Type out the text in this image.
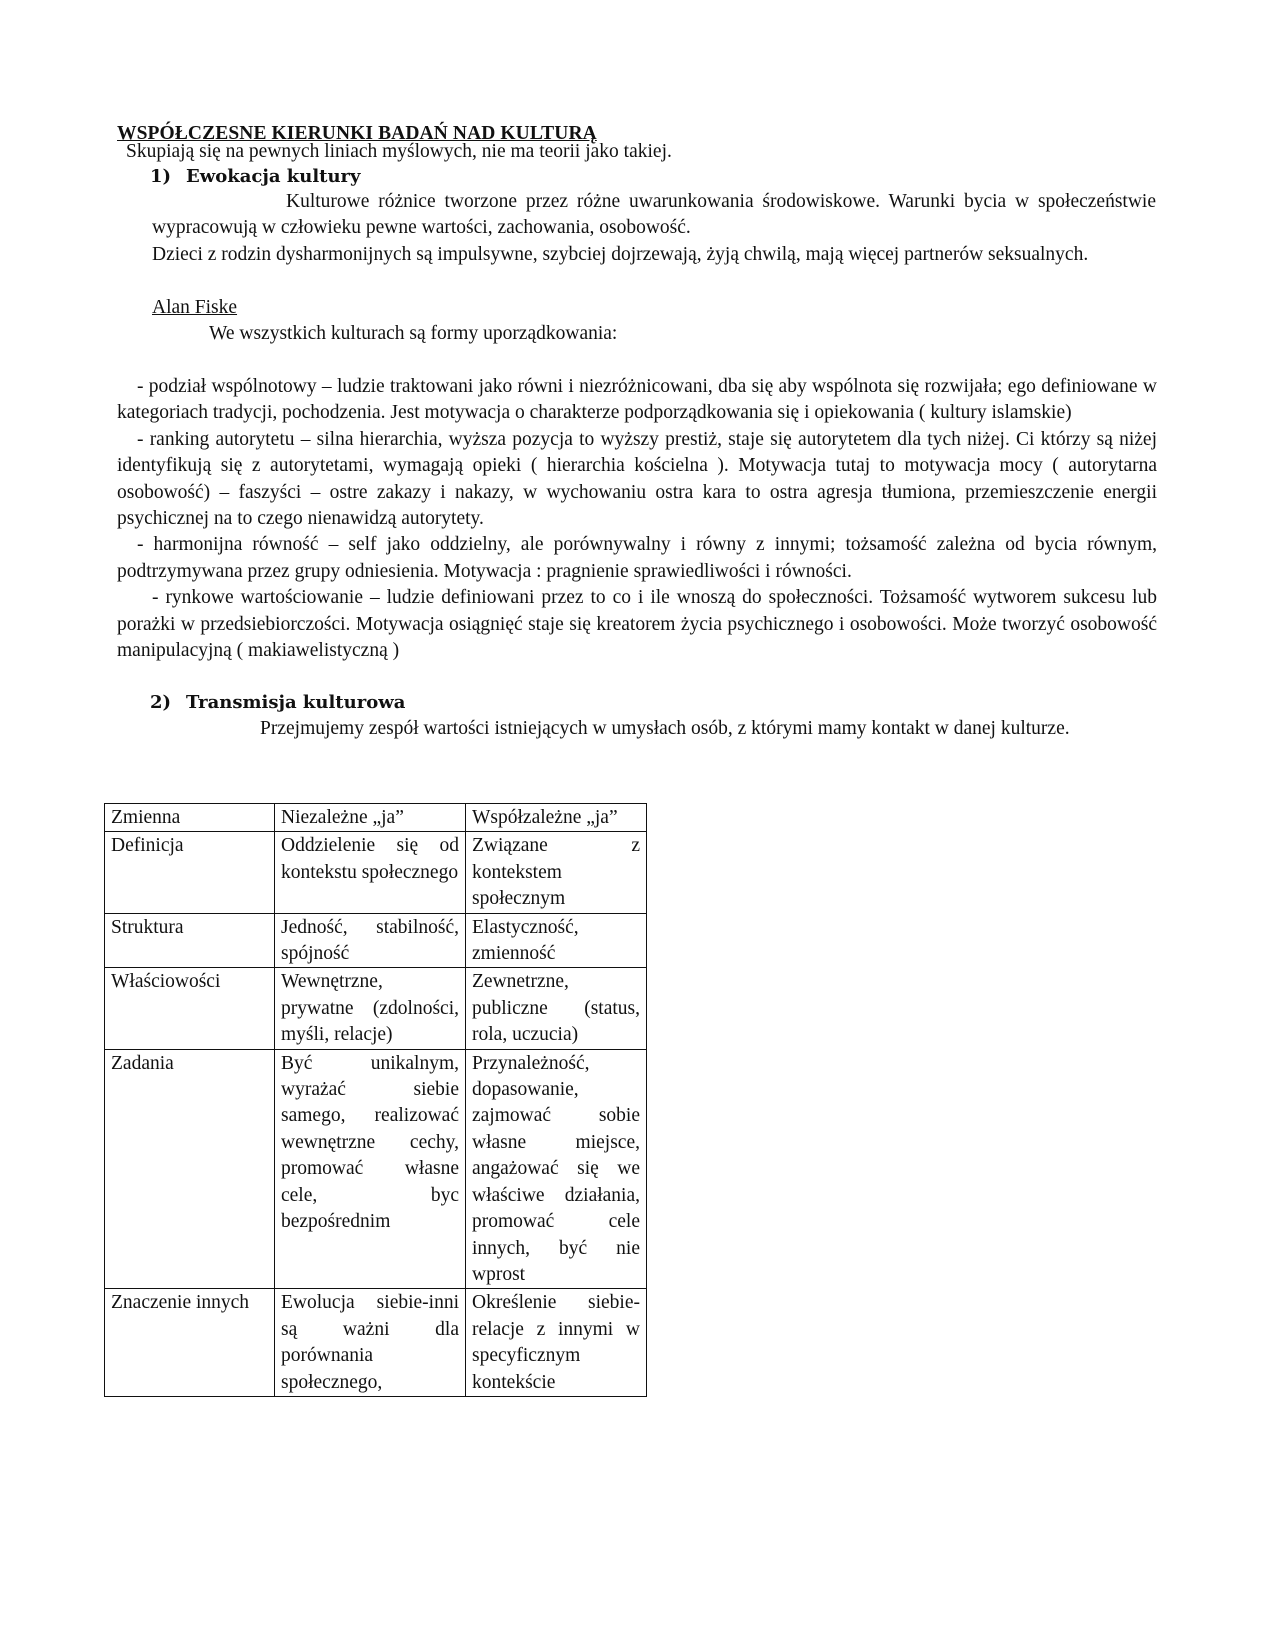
WSPÓŁCZESNE KIERUNKI BADAŃ NAD KULTURĄ

Skupiają się na pewnych liniach myślowych, nie ma teorii jako takiej.

1) Ewokacja kultury

Kulturowe różnice tworzone przez różne uwarunkowania środowiskowe. Warunki bycia w społeczeństwie wypracowują w człowieku pewne wartości, zachowania, osobowość.

Dzieci z rodzin dysharmonijnych są impulsywne, szybciej dojrzewają, żyją chwilą, mają więcej partnerów seksualnych.

Alan Fiske

We wszystkich kulturach są formy uporządkowania:

- podział wspólnotowy – ludzie traktowani jako równi i niezróżnicowani, dba się aby wspólnota się rozwijała; ego definiowane w kategoriach tradycji, pochodzenia. Jest motywacja o charakterze podporządkowania się i opiekowania ( kultury islamskie)

- ranking autorytetu – silna hierarchia, wyższa pozycja to wyższy prestiż, staje się autorytetem dla tych niżej. Ci którzy są niżej identyfikują się z autorytetami, wymagają opieki ( hierarchia kościelna ). Motywacja tutaj to motywacja mocy ( autorytarna osobowość) – faszyści – ostre zakazy i nakazy, w wychowaniu ostra kara to ostra agresja tłumiona, przemieszczenie energii psychicznej na to czego nienawidzą autorytety.

- harmonijna równość – self jako oddzielny, ale porównywalny i równy z innymi; tożsamość zależna od bycia równym, podtrzymywana przez grupy odniesienia. Motywacja : pragnienie sprawiedliwości i równości.

- rynkowe wartościowanie – ludzie definiowani przez to co i ile wnoszą do społeczności. Tożsamość wytworem sukcesu lub porażki w przedsiebiorczości. Motywacja osiągnięć staje się kreatorem życia psychicznego i osobowości. Może tworzyć osobowość manipulacyjną ( makiawelistyczną )

2) Transmisja kulturowa

Przejmujemy zespół wartości istniejących w umysłach osób, z którymi mamy kontakt w danej kulturze.

Zmienna	Niezależne „ja”	Współzależne „ja”
Definicja	Oddzielenie się od kontekstu społecznego	Związane z kontekstem społecznym
Struktura	Jedność, stabilność, spójność	Elastyczność, zmienność
Właściowości	Wewnętrzne, prywatne (zdolności, myśli, relacje)	Zewnetrzne, publiczne (status, rola, uczucia)
Zadania	Być unikalnym, wyrażać siebie samego, realizować wewnętrzne cechy, promować własne cele, byc bezpośrednim	Przynależność, dopasowanie, zajmować sobie własne miejsce, angażować się we właściwe działania, promować cele innych, być nie wprost
Znaczenie innych	Ewolucja siebie-inni są ważni dla porównania społecznego,	Określenie siebie-relacje z innymi w specyficznym kontekście
